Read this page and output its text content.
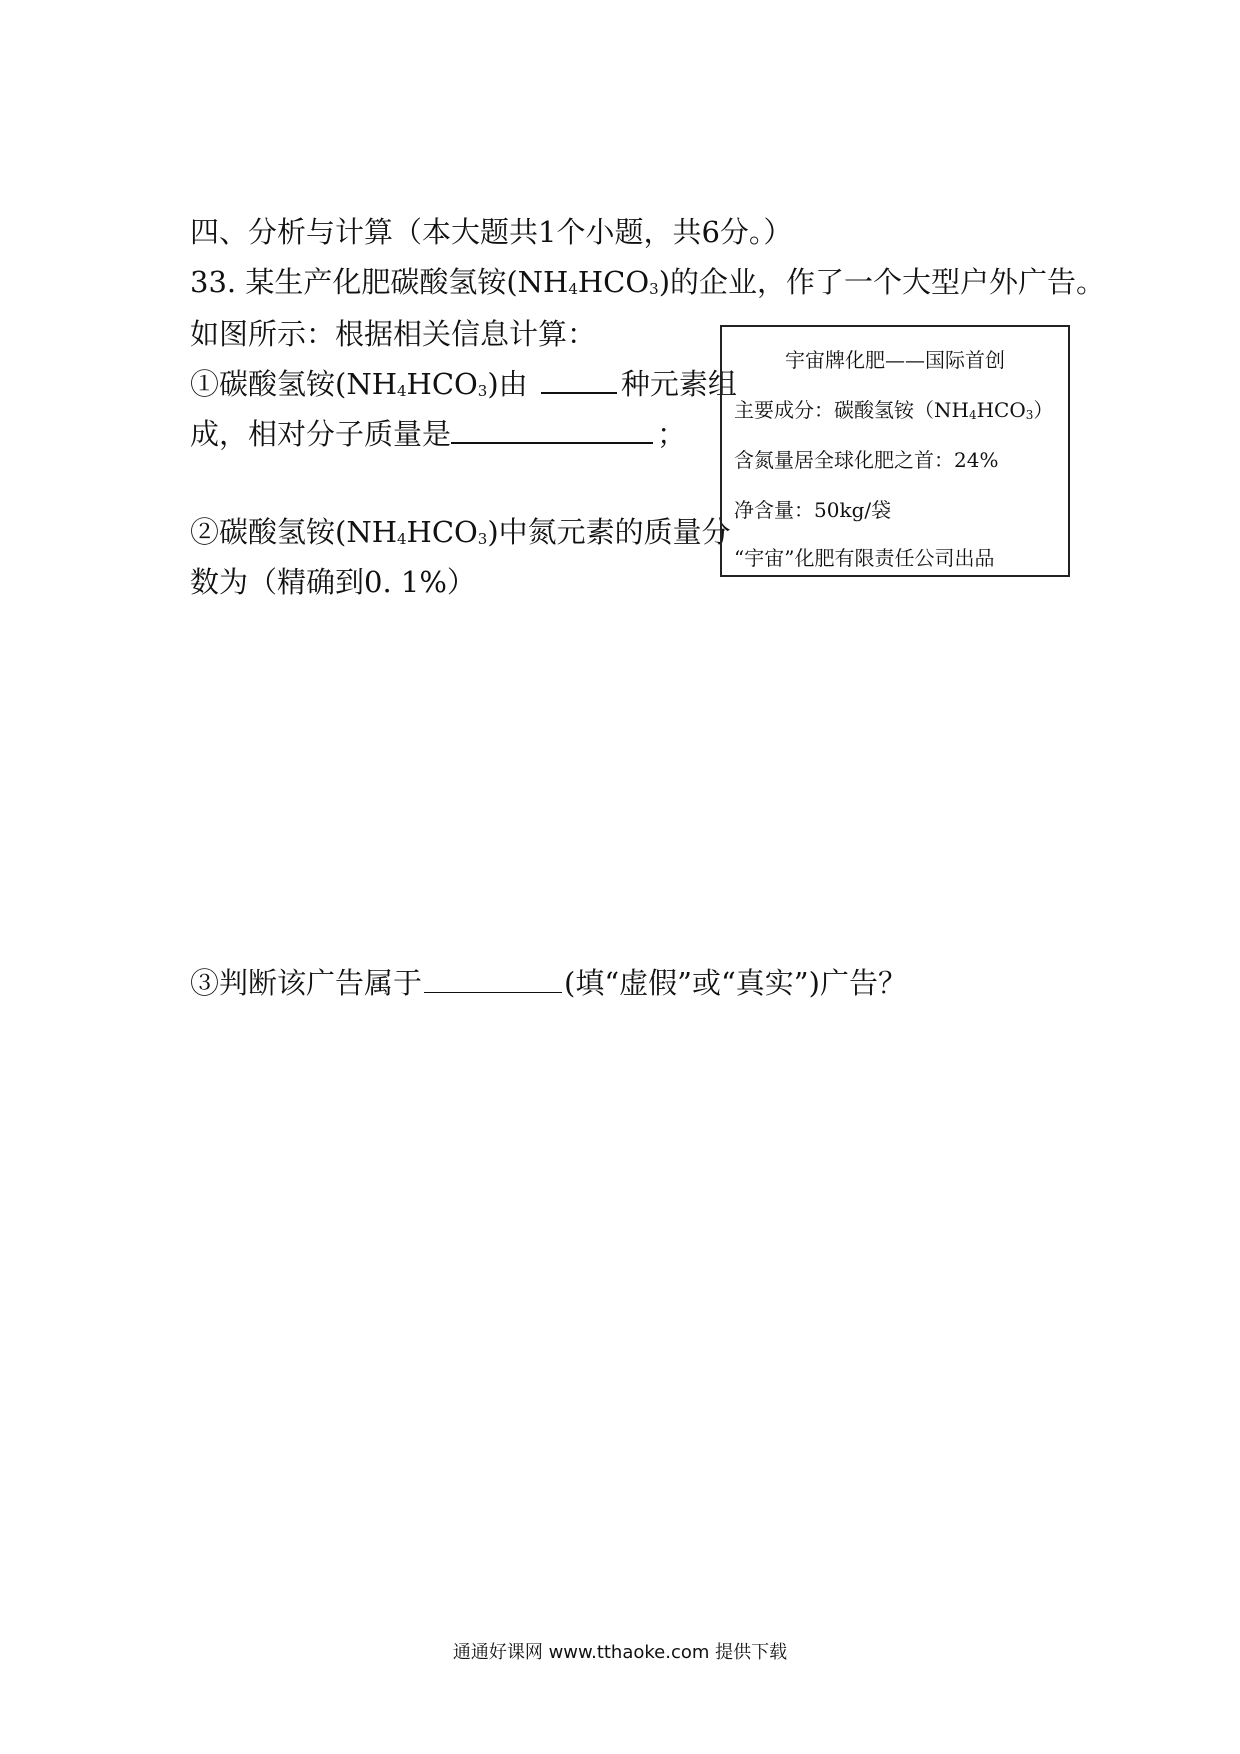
四、分析与计算（本大题共1个小题，共6分。）
33. 某生产化肥碳酸氢铵$(NH_4HCO_3)$的企业，作了一个大型户外广告。
如图所示：根据相关信息计算：
①碳酸氢铵$(NH_4HCO_3)$由	种元素组
成，相对分子质量是	；
②碳酸氢铵$(NH_4HCO_3)$中氮元素的质量分
数为（精确到0. 1%）
宇宙牌化肥——国际首创
主要成分：碳酸氢铵$(NH_4HCO_3)$
含氮量居全球化肥之首：24%
净含量：50kg/袋
“宇宙”化肥有限责任公司出品
③判断该广告属于	(填“虚假”或“真实”)广告？
通通好课网 www.tthaoke.com 提供下载
